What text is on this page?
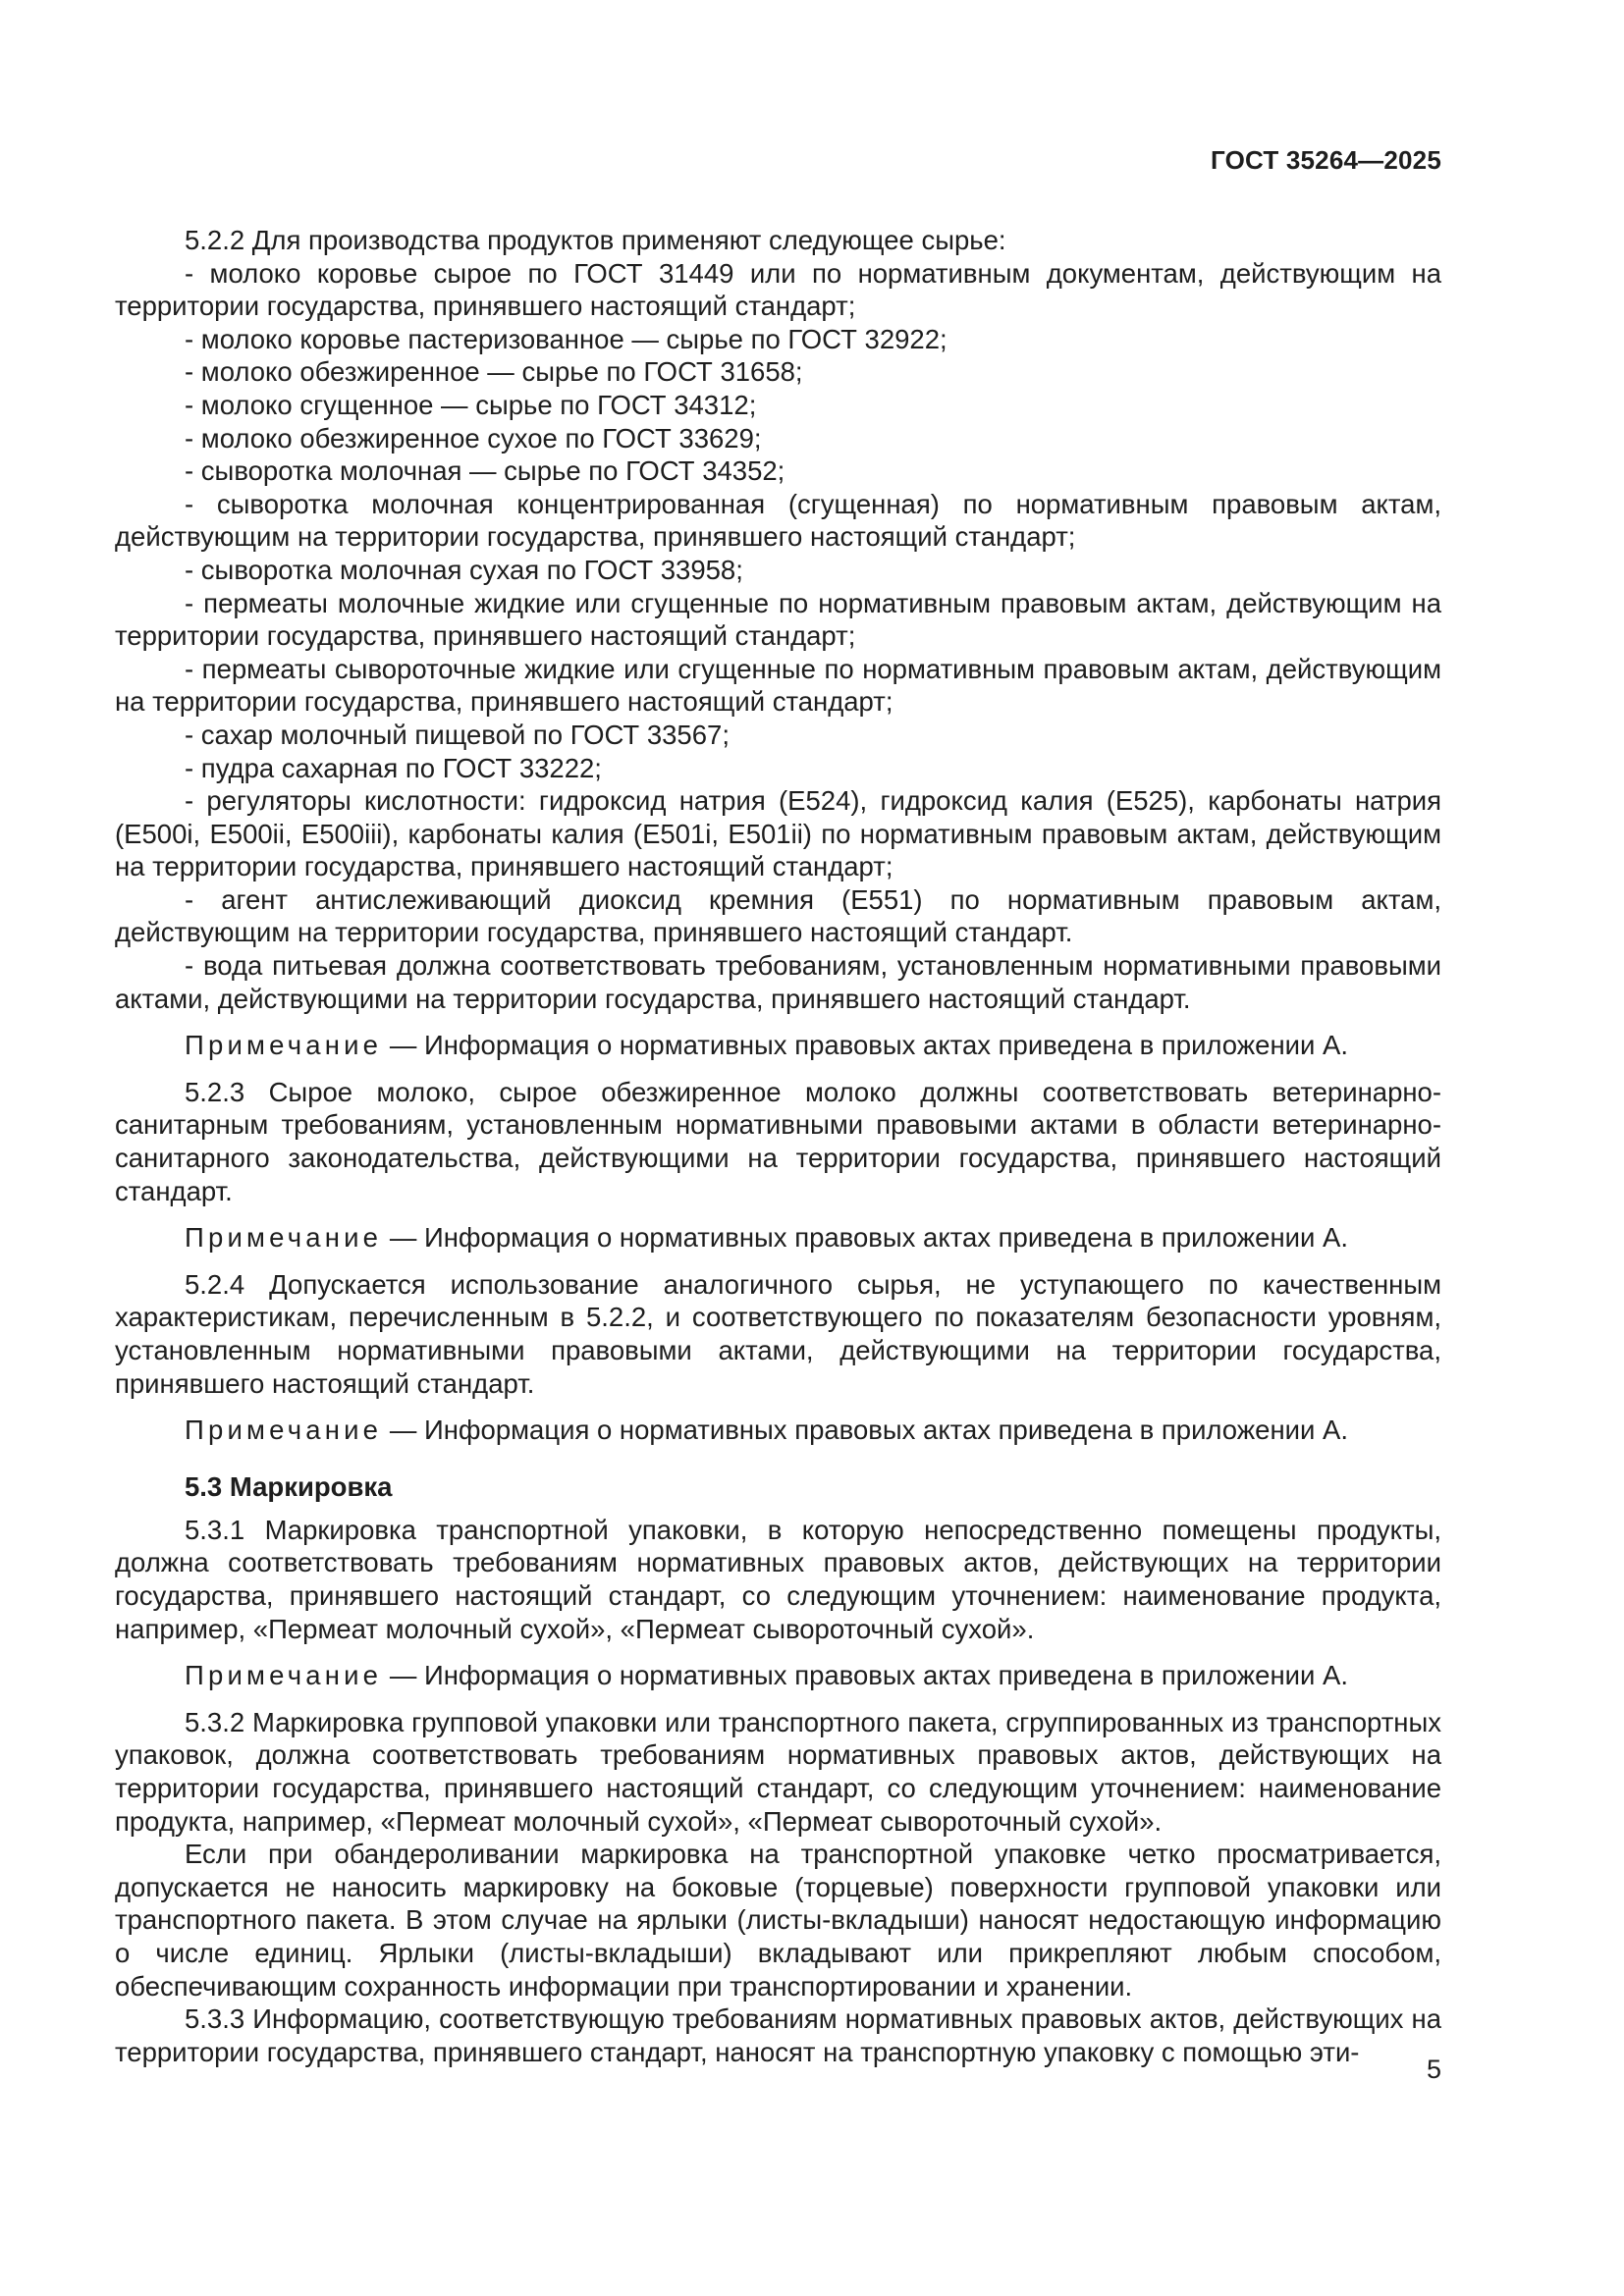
ГОСТ 35264—2025

5.2.2 Для производства продуктов применяют следующее сырье:

- молоко коровье сырое по ГОСТ 31449 или по нормативным документам, действующим на территории государства, принявшего настоящий стандарт;

- молоко коровье пастеризованное — сырье по ГОСТ 32922;

- молоко обезжиренное — сырье по ГОСТ 31658;

- молоко сгущенное — сырье по ГОСТ 34312;

- молоко обезжиренное сухое по ГОСТ 33629;

- сыворотка молочная — сырье по ГОСТ 34352;

- сыворотка молочная концентрированная (сгущенная) по нормативным правовым актам, действующим на территории государства, принявшего настоящий стандарт;

- сыворотка молочная сухая по ГОСТ 33958;

- пермеаты молочные жидкие или сгущенные по нормативным правовым актам, действующим на территории государства, принявшего настоящий стандарт;

- пермеаты сывороточные жидкие или сгущенные по нормативным правовым актам, действующим на территории государства, принявшего настоящий стандарт;

- сахар молочный пищевой по ГОСТ 33567;

- пудра сахарная по ГОСТ 33222;

- регуляторы кислотности: гидроксид натрия (Е524), гидроксид калия (Е525), карбонаты натрия (Е500i, Е500ii, Е500iii), карбонаты калия (Е501i, Е501ii) по нормативным правовым актам, действующим на территории государства, принявшего настоящий стандарт;

- агент антислеживающий диоксид кремния (Е551) по нормативным правовым актам, действующим на территории государства, принявшего настоящий стандарт.

- вода питьевая должна соответствовать требованиям, установленным нормативными правовыми актами, действующими на территории государства, принявшего настоящий стандарт.

Примечание — Информация о нормативных правовых актах приведена в приложении А.

5.2.3 Сырое молоко, сырое обезжиренное молоко должны соответствовать ветеринарно-санитарным требованиям, установленным нормативными правовыми актами в области ветеринарно-санитарного законодательства, действующими на территории государства, принявшего настоящий стандарт.

Примечание — Информация о нормативных правовых актах приведена в приложении А.

5.2.4 Допускается использование аналогичного сырья, не уступающего по качественным характеристикам, перечисленным в 5.2.2, и соответствующего по показателям безопасности уровням, установленным нормативными правовыми актами, действующими на территории государства, принявшего настоящий стандарт.

Примечание — Информация о нормативных правовых актах приведена в приложении А.

5.3 Маркировка

5.3.1 Маркировка транспортной упаковки, в которую непосредственно помещены продукты, должна соответствовать требованиям нормативных правовых актов, действующих на территории государства, принявшего настоящий стандарт, со следующим уточнением: наименование продукта, например, «Пермеат молочный сухой», «Пермеат сывороточный сухой».

Примечание — Информация о нормативных правовых актах приведена в приложении А.

5.3.2 Маркировка групповой упаковки или транспортного пакета, сгруппированных из транспортных упаковок, должна соответствовать требованиям нормативных правовых актов, действующих на территории государства, принявшего настоящий стандарт, со следующим уточнением: наименование продукта, например, «Пермеат молочный сухой», «Пермеат сывороточный сухой».

Если при обандероливании маркировка на транспортной упаковке четко просматривается, допускается не наносить маркировку на боковые (торцевые) поверхности групповой упаковки или транспортного пакета. В этом случае на ярлыки (листы-вкладыши) наносят недостающую информацию о числе единиц. Ярлыки (листы-вкладыши) вкладывают или прикрепляют любым способом, обеспечивающим сохранность информации при транспортировании и хранении.

5.3.3 Информацию, соответствующую требованиям нормативных правовых актов, действующих на территории государства, принявшего стандарт, наносят на транспортную упаковку с помощью эти-

5
